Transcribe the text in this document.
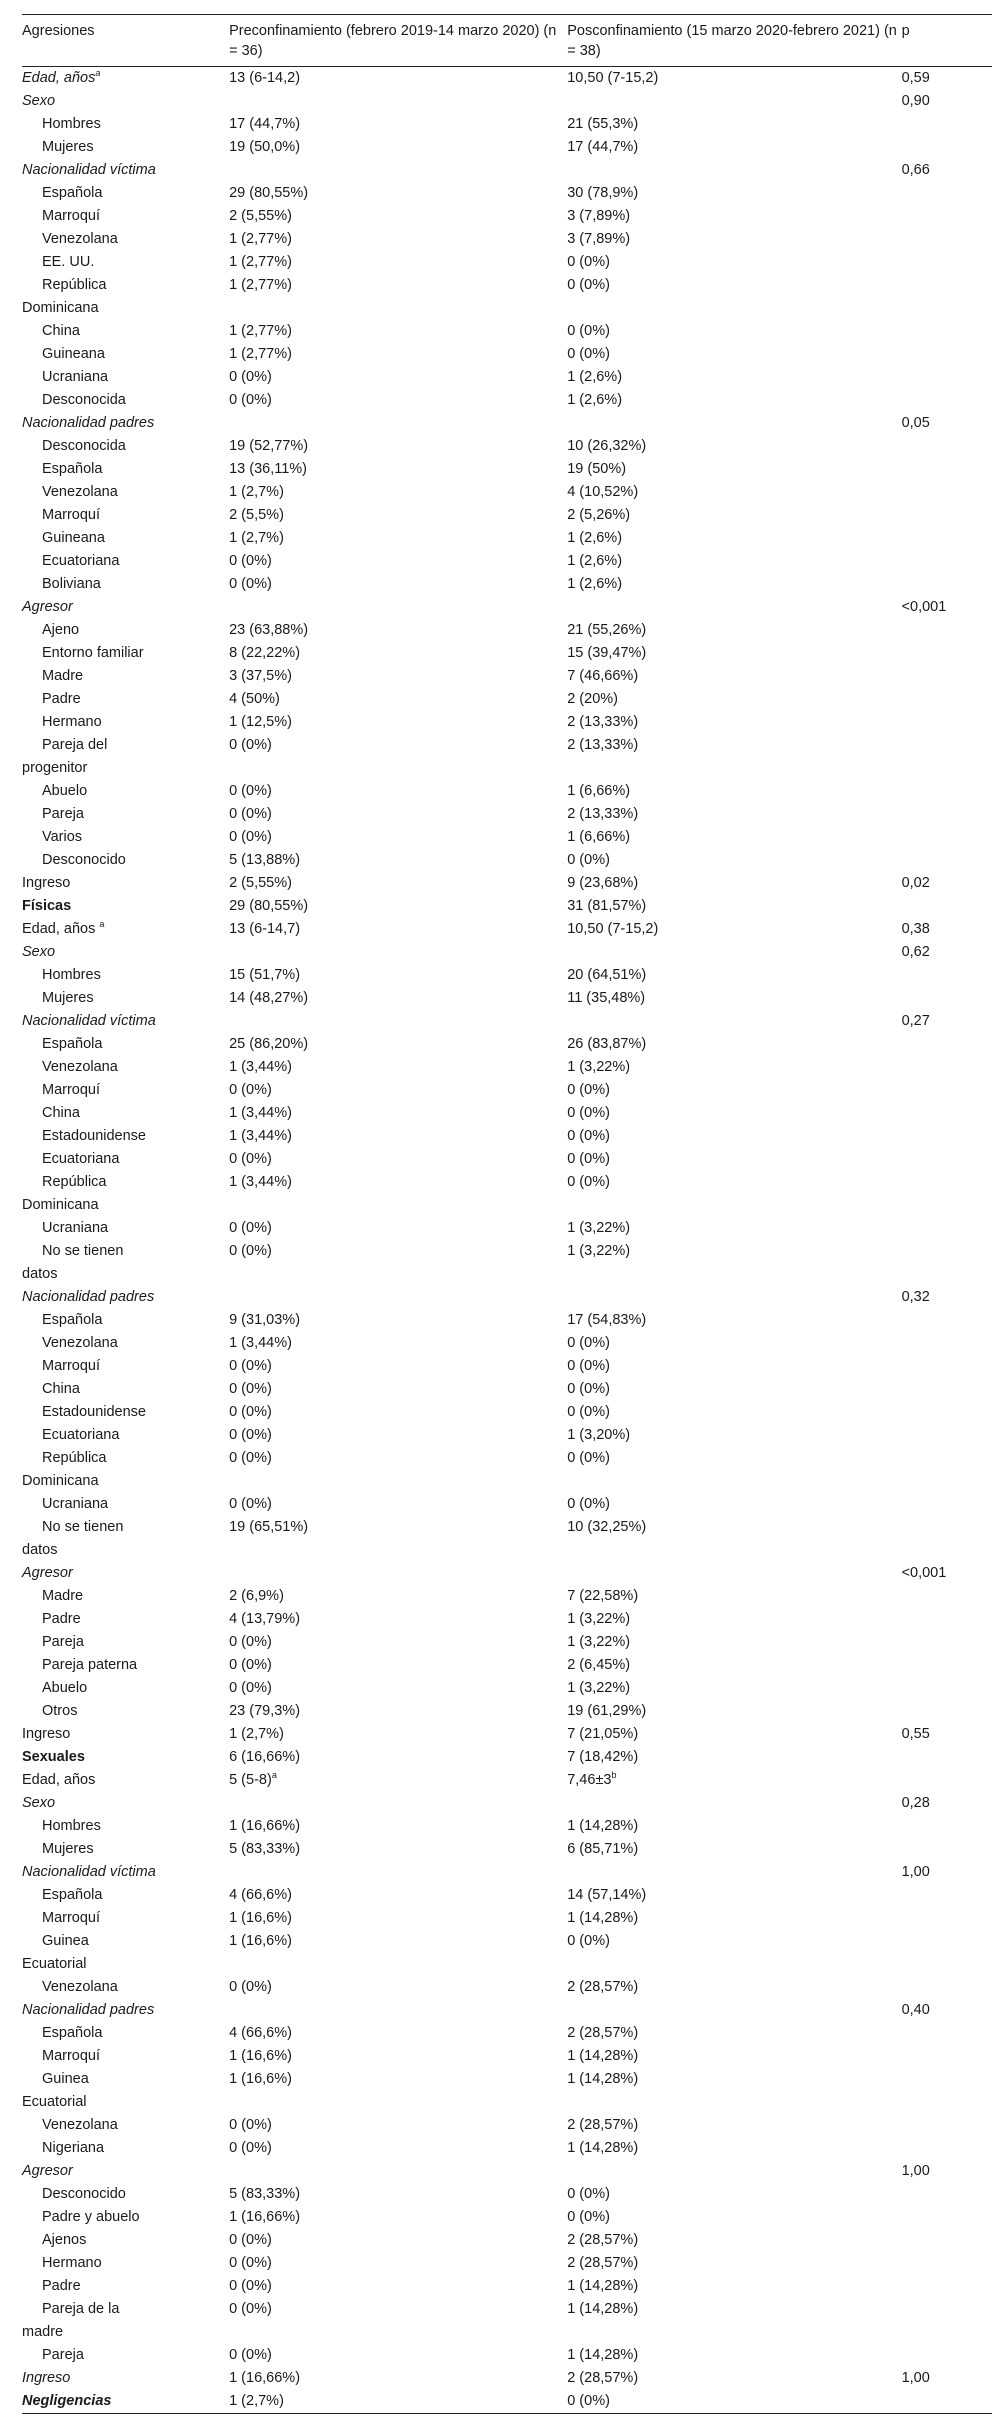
Agresiones	Preconfinamiento (febrero 2019-14 marzo 2020) (n = 36)	Posconfinamiento (15 marzo 2020-febrero 2021) (n = 38)	p
Edad, años$^a$	13 (6-14,2)	10,50 (7-15,2)	0,59
Sexo			0,90
Hombres	17 (44,7%)	21 (55,3%)	
Mujeres	19 (50,0%)	17 (44,7%)	
Nacionalidad víctima			0,66
Española	29 (80,55%)	30 (78,9%)	
Marroquí	2 (5,55%)	3 (7,89%)	
Venezolana	1 (2,77%)	3 (7,89%)	
EE. UU.	1 (2,77%)	0 (0%)	
República
Dominicana	1 (2,77%)	0 (0%)	
China	1 (2,77%)	0 (0%)	
Guineana	1 (2,77%)	0 (0%)	
Ucraniana	0 (0%)	1 (2,6%)	
Desconocida	0 (0%)	1 (2,6%)	
Nacionalidad padres			0,05
Desconocida	19 (52,77%)	10 (26,32%)	
Española	13 (36,11%)	19 (50%)	
Venezolana	1 (2,7%)	4 (10,52%)	
Marroquí	2 (5,5%)	2 (5,26%)	
Guineana	1 (2,7%)	1 (2,6%)	
Ecuatoriana	0 (0%)	1 (2,6%)	
Boliviana	0 (0%)	1 (2,6%)	
Agresor			<0,001
Ajeno	23 (63,88%)	21 (55,26%)	
Entorno familiar	8 (22,22%)	15 (39,47%)	
Madre	3 (37,5%)	7 (46,66%)	
Padre	4 (50%)	2 (20%)	
Hermano	1 (12,5%)	2 (13,33%)	
Pareja del
progenitor	0 (0%)	2 (13,33%)	
Abuelo	0 (0%)	1 (6,66%)	
Pareja	0 (0%)	2 (13,33%)	
Varios	0 (0%)	1 (6,66%)	
Desconocido	5 (13,88%)	0 (0%)	
Ingreso	2 (5,55%)	9 (23,68%)	0,02
Físicas	29 (80,55%)	31 (81,57%)	
Edad, años $^a$	13 (6-14,7)	10,50 (7-15,2)	0,38
Sexo			0,62
Hombres	15 (51,7%)	20 (64,51%)	
Mujeres	14 (48,27%)	11 (35,48%)	
Nacionalidad víctima			0,27
Española	25 (86,20%)	26 (83,87%)	
Venezolana	1 (3,44%)	1 (3,22%)	
Marroquí	0 (0%)	0 (0%)	
China	1 (3,44%)	0 (0%)	
Estadounidense	1 (3,44%)	0 (0%)	
Ecuatoriana	0 (0%)	0 (0%)	
República
Dominicana	1 (3,44%)	0 (0%)	
Ucraniana	0 (0%)	1 (3,22%)	
No se tienen
datos	0 (0%)	1 (3,22%)	
Nacionalidad padres			0,32
Española	9 (31,03%)	17 (54,83%)	
Venezolana	1 (3,44%)	0 (0%)	
Marroquí	0 (0%)	0 (0%)	
China	0 (0%)	0 (0%)	
Estadounidense	0 (0%)	0 (0%)	
Ecuatoriana	0 (0%)	1 (3,20%)	
República
Dominicana	0 (0%)	0 (0%)	
Ucraniana	0 (0%)	0 (0%)	
No se tienen
datos	19 (65,51%)	10 (32,25%)	
Agresor			<0,001
Madre	2 (6,9%)	7 (22,58%)	
Padre	4 (13,79%)	1 (3,22%)	
Pareja	0 (0%)	1 (3,22%)	
Pareja paterna	0 (0%)	2 (6,45%)	
Abuelo	0 (0%)	1 (3,22%)	
Otros	23 (79,3%)	19 (61,29%)	
Ingreso	1 (2,7%)	7 (21,05%)	0,55
Sexuales	6 (16,66%)	7 (18,42%)	
Edad, años	5 $(5-8)^a$	$7,46\pm 3^b$	
Sexo			0,28
Hombres	1 (16,66%)	1 (14,28%)	
Mujeres	5 (83,33%)	6 (85,71%)	
Nacionalidad víctima			1,00
Española	4 (66,6%)	14 (57,14%)	
Marroquí	1 (16,6%)	1 (14,28%)	
Guinea
Ecuatorial	1 (16,6%)	0 (0%)	
Venezolana	0 (0%)	2 (28,57%)	
Nacionalidad padres			0,40
Española	4 (66,6%)	2 (28,57%)	
Marroquí	1 (16,6%)	1 (14,28%)	
Guinea
Ecuatorial	1 (16,6%)	1 (14,28%)	
Venezolana	0 (0%)	2 (28,57%)	
Nigeriana	0 (0%)	1 (14,28%)	
Agresor			1,00
Desconocido	5 (83,33%)	0 (0%)	
Padre y abuelo	1 (16,66%)	0 (0%)	
Ajenos	0 (0%)	2 (28,57%)	
Hermano	0 (0%)	2 (28,57%)	
Padre	0 (0%)	1 (14,28%)	
Pareja de la
madre	0 (0%)	1 (14,28%)	
Pareja	0 (0%)	1 (14,28%)	
Ingreso	1 (16,66%)	2 (28,57%)	1,00
Negligencias	1 (2,7%)	0 (0%)	
